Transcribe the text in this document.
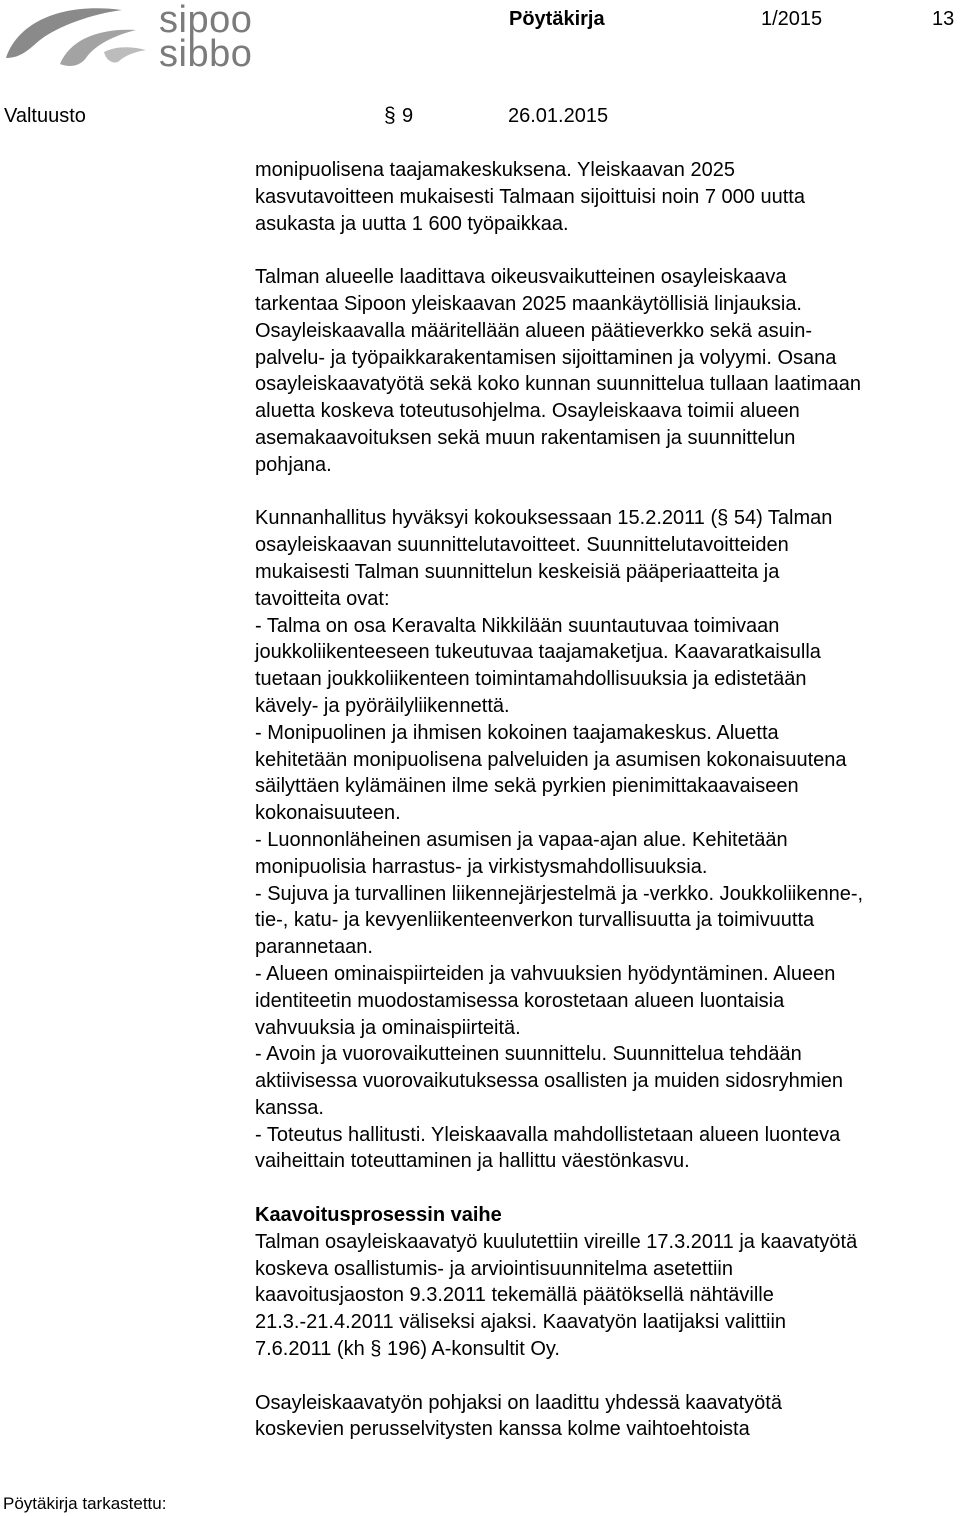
sipoo
sibbo
Pöytäkirja	1/2015	13
Valtuusto	§ 9	26.01.2015

monipuolisena taajamakeskuksena. Yleiskaavan 2025

kasvutavoitteen mukaisesti Talmaan sijoittuisi noin 7 000 uutta

asukasta ja uutta 1 600 työpaikkaa.

Talman alueelle laadittava oikeusvaikutteinen osayleiskaava

tarkentaa Sipoon yleiskaavan 2025 maankäytöllisiä linjauksia.

Osayleiskaavalla määritellään alueen päätieverkko sekä asuin-

palvelu- ja työpaikkarakentamisen sijoittaminen ja volyymi. Osana

osayleiskaavatyötä sekä koko kunnan suunnittelua tullaan laatimaan

aluetta koskeva toteutusohjelma. Osayleiskaava toimii alueen

asemakaavoituksen sekä muun rakentamisen ja suunnittelun

pohjana.

Kunnanhallitus hyväksyi kokouksessaan 15.2.2011 (§ 54) Talman

osayleiskaavan suunnittelutavoitteet. Suunnittelutavoitteiden

mukaisesti Talman suunnittelun keskeisiä pääperiaatteita ja

tavoitteita ovat:

- Talma on osa Keravalta Nikkilään suuntautuvaa toimivaan

joukkoliikenteeseen tukeutuvaa taajamaketjua. Kaavaratkaisulla

tuetaan joukkoliikenteen toimintamahdollisuuksia ja edistetään

kävely- ja pyöräilyliikennettä.

- Monipuolinen ja ihmisen kokoinen taajamakeskus. Aluetta

kehitetään monipuolisena palveluiden ja asumisen kokonaisuutena

säilyttäen kylämäinen ilme sekä pyrkien pienimittakaavaiseen

kokonaisuuteen.

- Luonnonläheinen asumisen ja vapaa-ajan alue. Kehitetään

monipuolisia harrastus- ja virkistysmahdollisuuksia.

- Sujuva ja turvallinen liikennejärjestelmä ja -verkko. Joukkoliikenne-,

tie-, katu- ja kevyenliikenteenverkon turvallisuutta ja toimivuutta

parannetaan.

- Alueen ominaispiirteiden ja vahvuuksien hyödyntäminen. Alueen

identiteetin muodostamisessa korostetaan alueen luontaisia

vahvuuksia ja ominaispiirteitä.

- Avoin ja vuorovaikutteinen suunnittelu. Suunnittelua tehdään

aktiivisessa vuorovaikutuksessa osallisten ja muiden sidosryhmien

kanssa.

- Toteutus hallitusti. Yleiskaavalla mahdollistetaan alueen luonteva

vaiheittain toteuttaminen ja hallittu väestönkasvu.

Kaavoitusprosessin vaihe

Talman osayleiskaavatyö kuulutettiin vireille 17.3.2011 ja kaavatyötä

koskeva osallistumis- ja arviointisuunnitelma asetettiin

kaavoitusjaoston 9.3.2011 tekemällä päätöksellä nähtäville

21.3.-21.4.2011 väliseksi ajaksi. Kaavatyön laatijaksi valittiin

7.6.2011 (kh § 196) A-konsultit Oy.

Osayleiskaavatyön pohjaksi on laadittu yhdessä kaavatyötä

koskevien perusselvitysten kanssa kolme vaihtoehtoista

Pöytäkirja tarkastettu:
